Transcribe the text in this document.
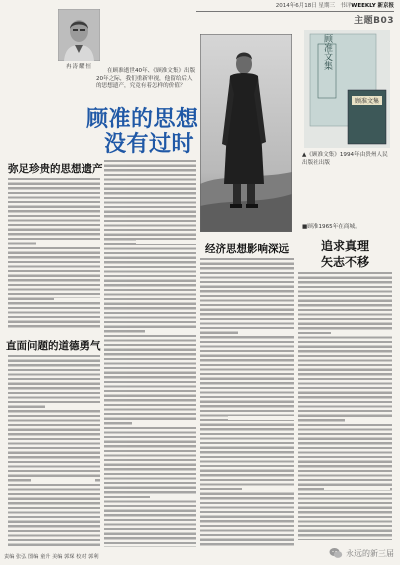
2014年6月18日 星期三 书评WEEKLY 新京报
主题B03
冉涛耀恒
在顾准逝世40年、《顾准文集》出版20年之际，我们重新审视，他留给后人的思想遗产，究竟有着怎样的价值？
顾准的思想
没有过时
顾准文集
顾准文集
▲《顾准文集》1994年由贵州人民出版社出版
■顾准1965年在商城。
弥足珍贵的思想遗产
直面问题的道德勇气
经济思想影响深远	追求真理
矢志不移
责编 张弘 图编 童升 美编 郭琛 校对 郭利	永远的新三届
